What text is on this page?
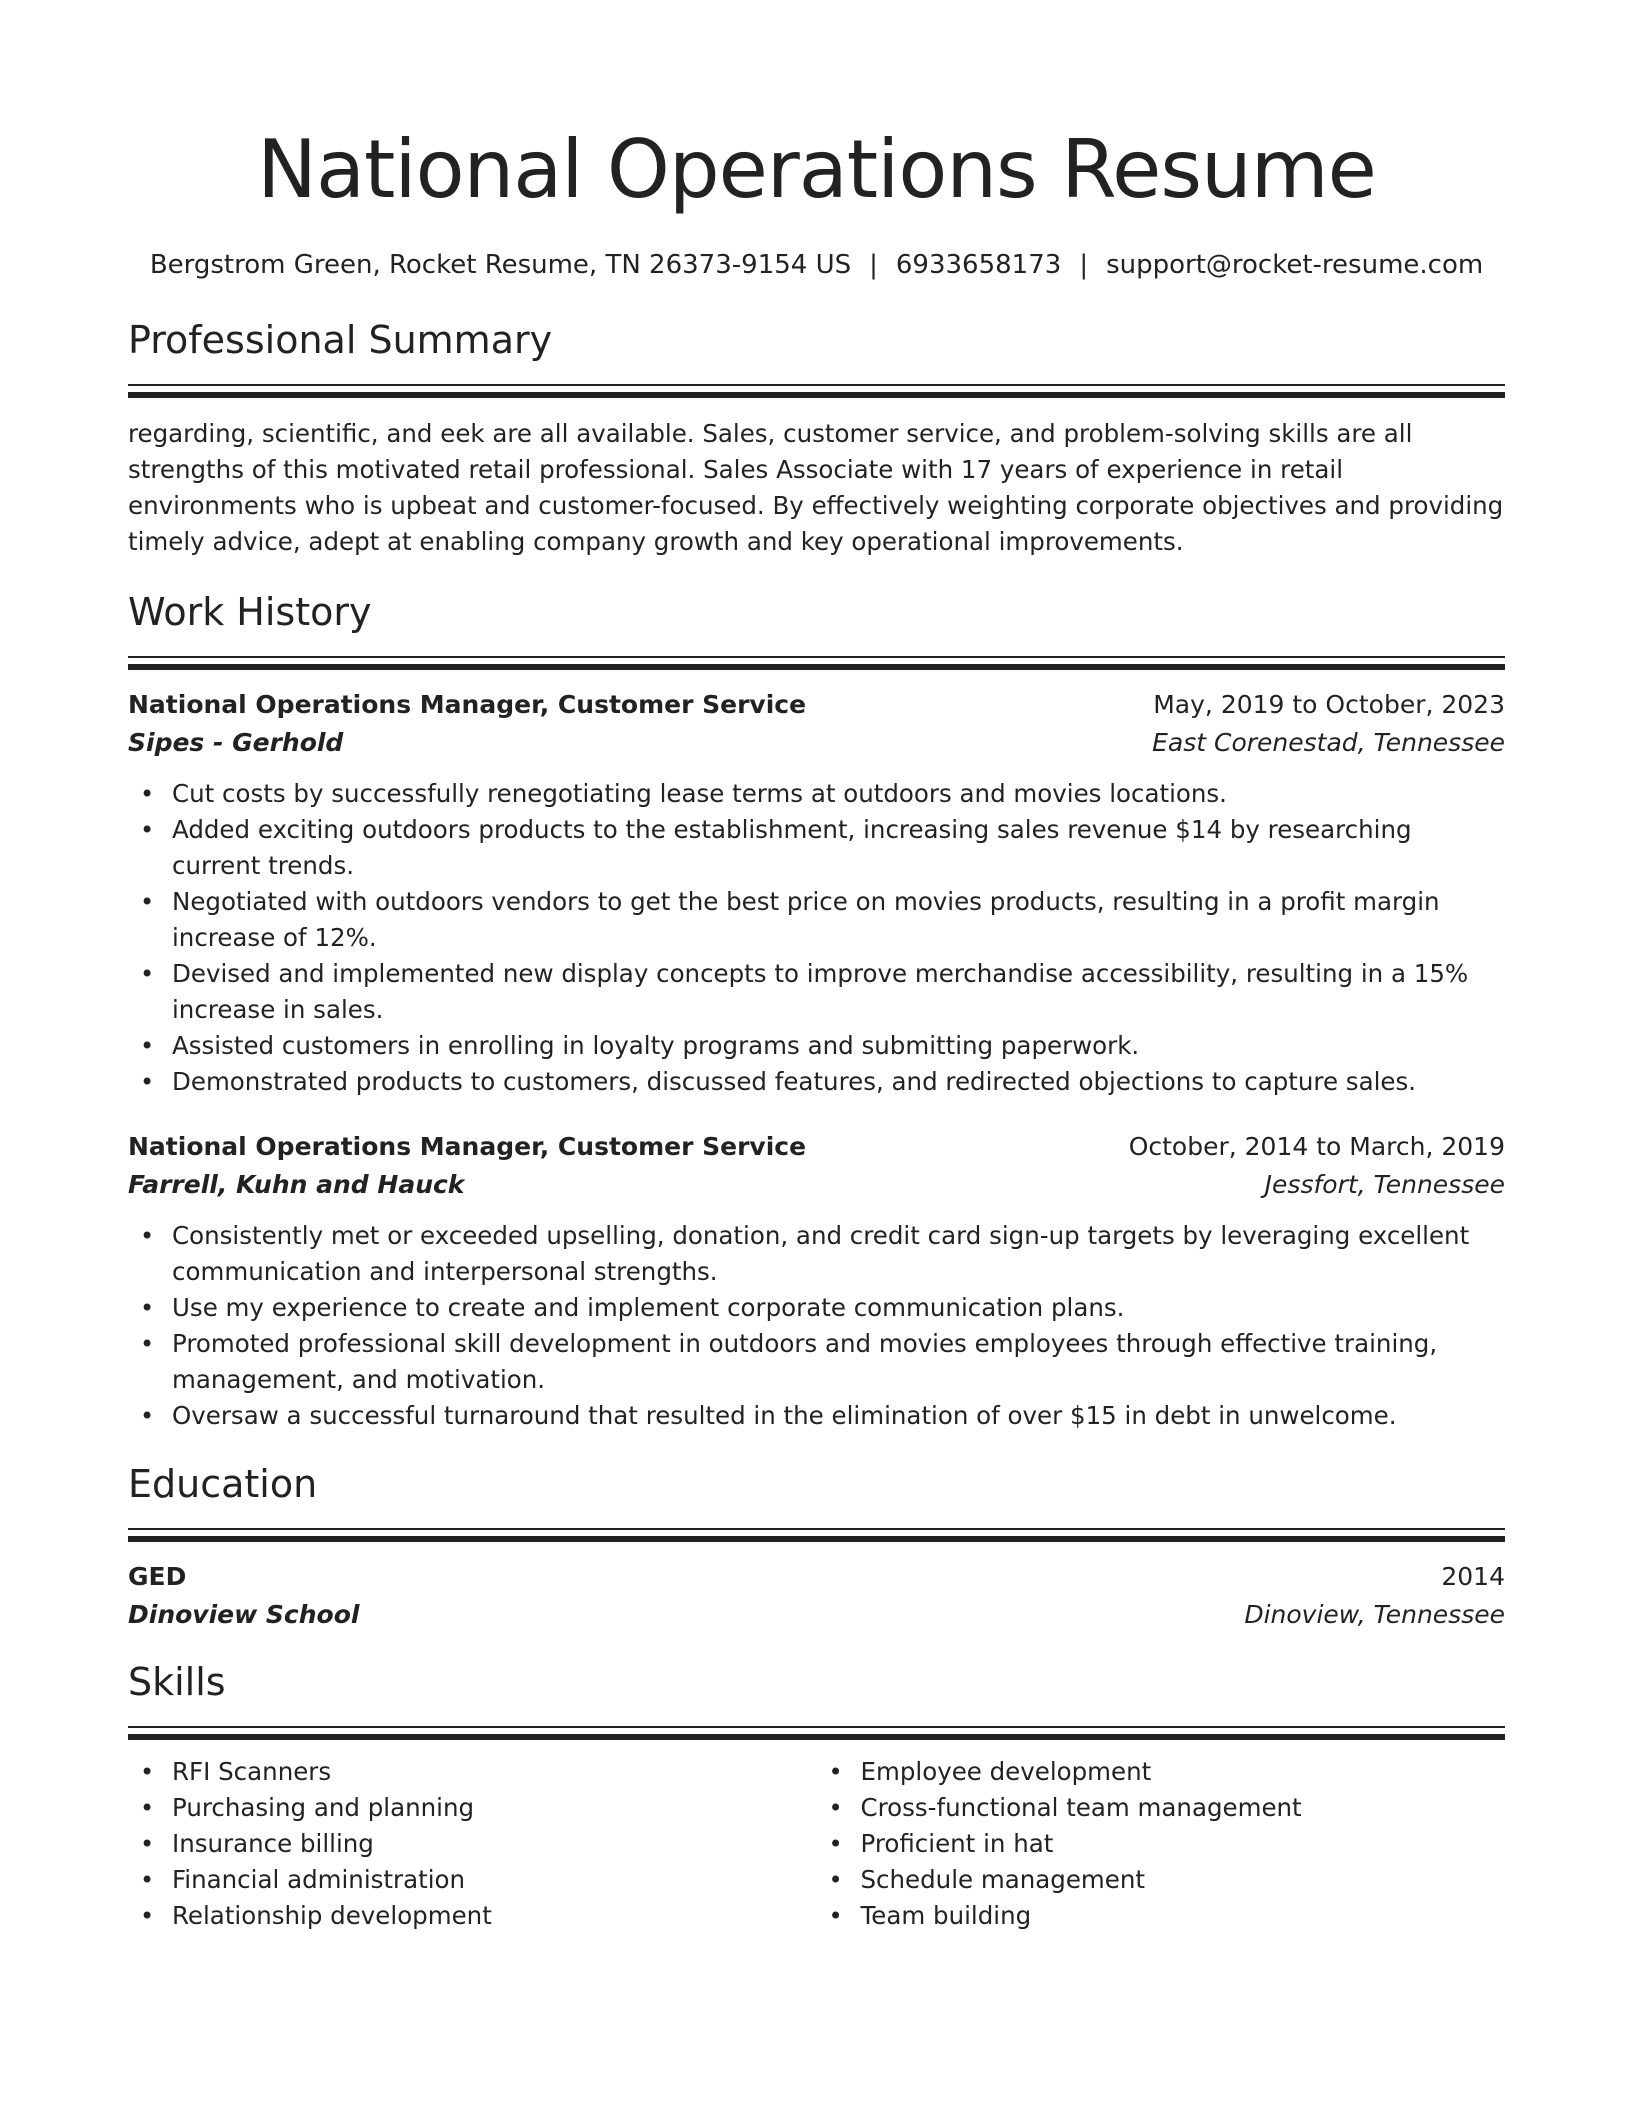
National Operations Resume
Bergstrom Green, Rocket Resume, TN 26373-9154 US | 6933658173 | support@rocket-resume.com
Professional Summary

regarding, scientific, and eek are all available. Sales, customer service, and problem-solving skills are all strengths of this motivated retail professional. Sales Associate with 17 years of experience in retail environments who is upbeat and customer-focused. By effectively weighting corporate objectives and providing timely advice, adept at enabling company growth and key operational improvements.

Work History
National Operations Manager, Customer Service	May, 2019 to October, 2023
Sipes - Gerhold	East Corenestad, Tennessee
• Cut costs by successfully renegotiating lease terms at outdoors and movies locations.
• Added exciting outdoors products to the establishment, increasing sales revenue $14 by researching current trends.
• Negotiated with outdoors vendors to get the best price on movies products, resulting in a profit margin increase of 12%.
• Devised and implemented new display concepts to improve merchandise accessibility, resulting in a 15% increase in sales.
• Assisted customers in enrolling in loyalty programs and submitting paperwork.
• Demonstrated products to customers, discussed features, and redirected objections to capture sales.
National Operations Manager, Customer Service	October, 2014 to March, 2019
Farrell, Kuhn and Hauck	Jessfort, Tennessee
• Consistently met or exceeded upselling, donation, and credit card sign-up targets by leveraging excellent communication and interpersonal strengths.
• Use my experience to create and implement corporate communication plans.
• Promoted professional skill development in outdoors and movies employees through effective training, management, and motivation.
• Oversaw a successful turnaround that resulted in the elimination of over $15 in debt in unwelcome.
Education
GED	2014
Dinoview School	Dinoview, Tennessee
Skills
• RFI Scanners
• Purchasing and planning
• Insurance billing
• Financial administration
• Relationship development
• Employee development
• Cross-functional team management
• Proficient in hat
• Schedule management
• Team building
